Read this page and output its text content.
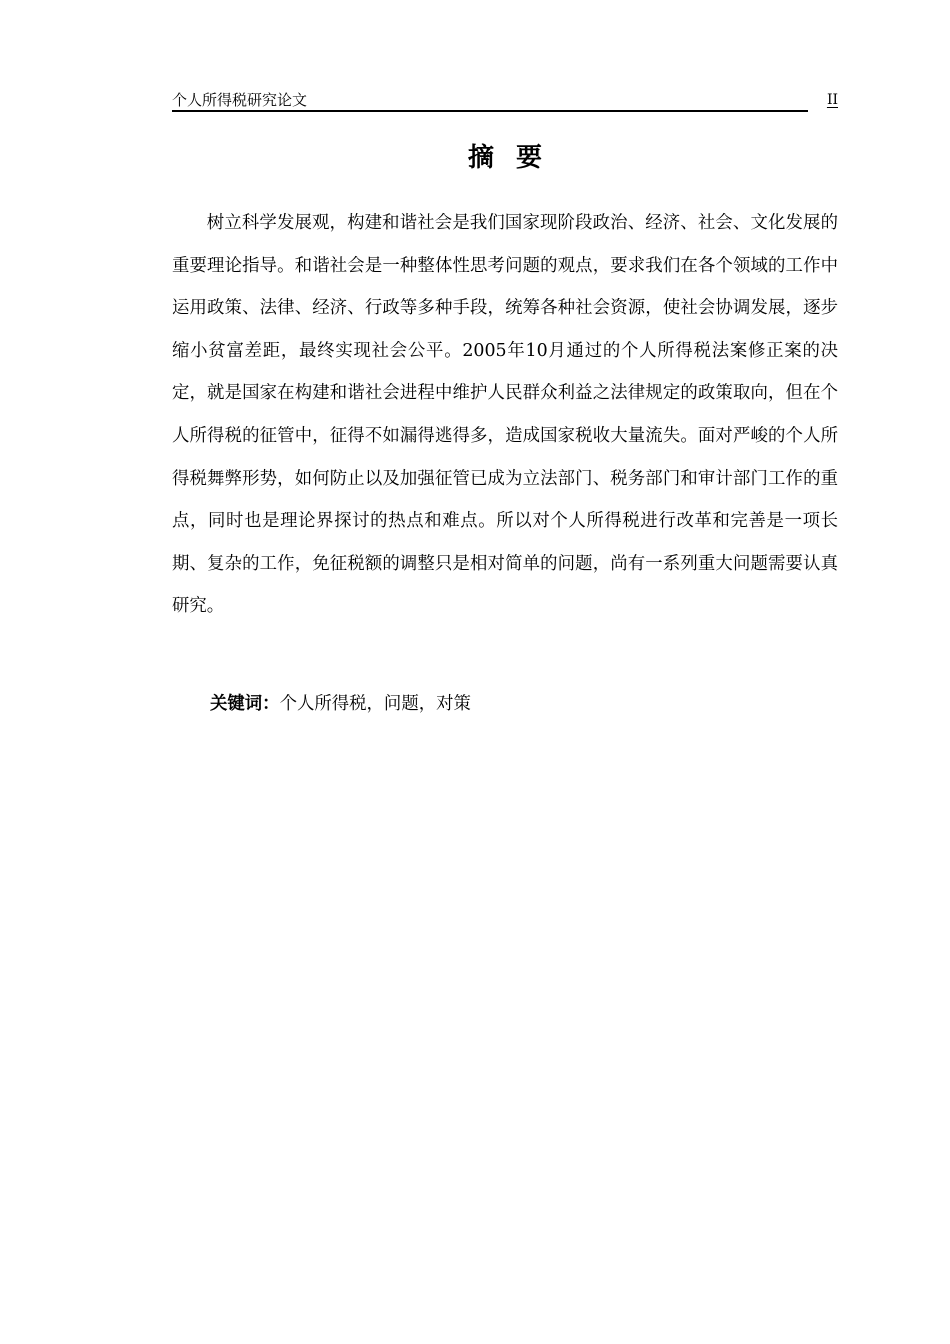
个人所得税研究论文	II
摘要

树立科学发展观，构建和谐社会是我们国家现阶段政治、经济、社会、文化发展的重要理论指导。和谐社会是一种整体性思考问题的观点，要求我们在各个领域的工作中运用政策、法律、经济、行政等多种手段，统筹各种社会资源，使社会协调发展，逐步缩小贫富差距，最终实现社会公平。2005年10月通过的个人所得税法案修正案的决定，就是国家在构建和谐社会进程中维护人民群众利益之法律规定的政策取向，但在个人所得税的征管中，征得不如漏得逃得多，造成国家税收大量流失。面对严峻的个人所得税舞弊形势，如何防止以及加强征管已成为立法部门、税务部门和审计部门工作的重点，同时也是理论界探讨的热点和难点。所以对个人所得税进行改革和完善是一项长期、复杂的工作，免征税额的调整只是相对简单的问题，尚有一系列重大问题需要认真研究。

关键词：个人所得税，问题，对策
